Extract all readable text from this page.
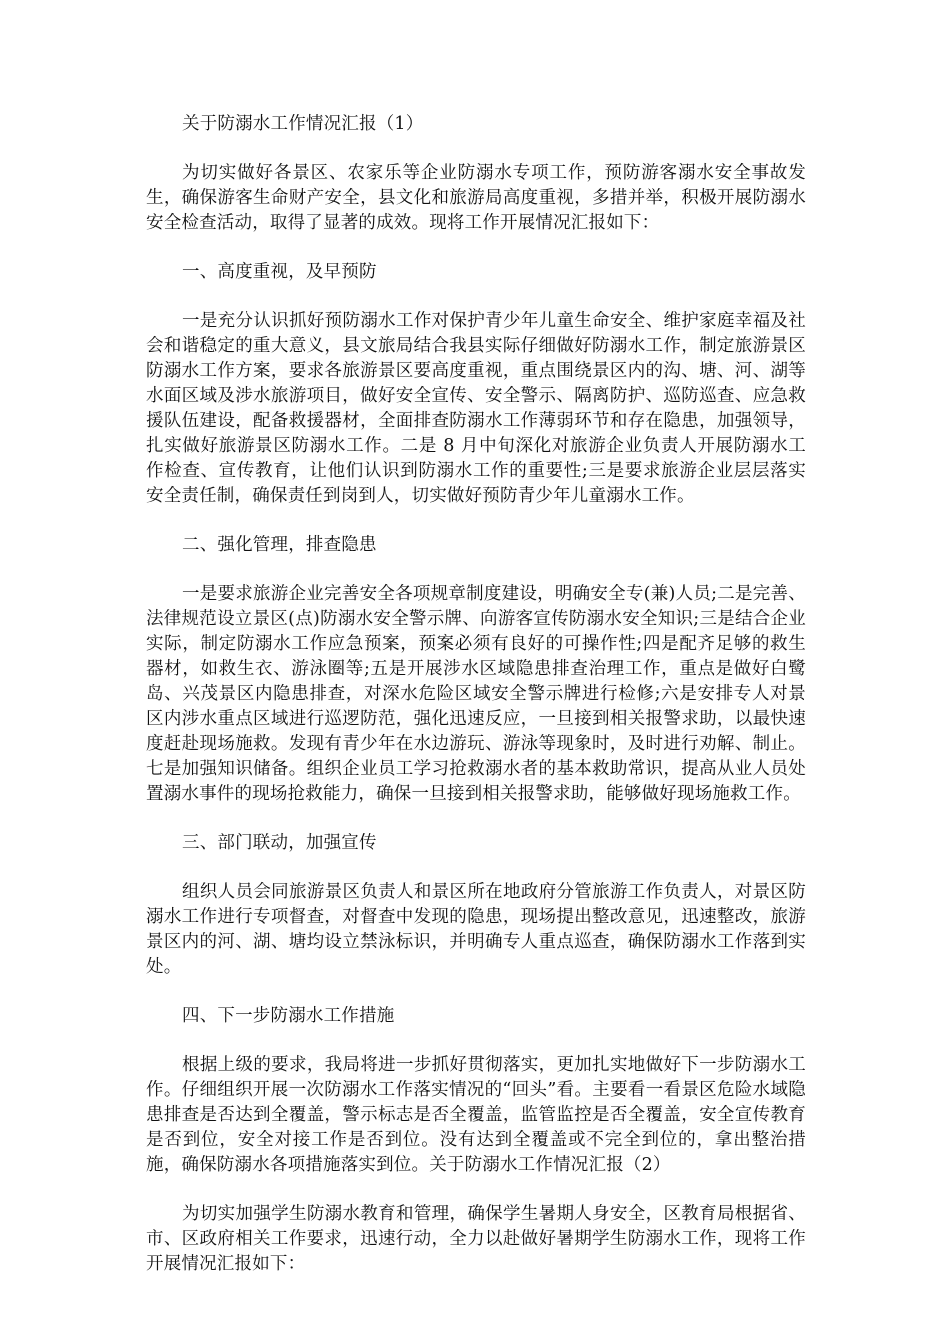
关于防溺水工作情况汇报（1）

为切实做好各景区、农家乐等企业防溺水专项工作，预防游客溺水安全事故发生，确保游客生命财产安全，县文化和旅游局高度重视，多措并举，积极开展防溺水安全检查活动，取得了显著的成效。现将工作开展情况汇报如下：

一、高度重视，及早预防

一是充分认识抓好预防溺水工作对保护青少年儿童生命安全、维护家庭幸福及社会和谐稳定的重大意义，县文旅局结合我县实际仔细做好防溺水工作，制定旅游景区防溺水工作方案，要求各旅游景区要高度重视，重点围绕景区内的沟、塘、河、湖等水面区域及涉水旅游项目，做好安全宣传、安全警示、隔离防护、巡防巡查、应急救援队伍建设，配备救援器材，全面排查防溺水工作薄弱环节和存在隐患，加强领导，扎实做好旅游景区防溺水工作。二是 8 月中旬深化对旅游企业负责人开展防溺水工作检查、宣传教育，让他们认识到防溺水工作的重要性;三是要求旅游企业层层落实安全责任制，确保责任到岗到人，切实做好预防青少年儿童溺水工作。

二、强化管理，排查隐患

一是要求旅游企业完善安全各项规章制度建设，明确安全专(兼)人员;二是完善、法律规范设立景区(点)防溺水安全警示牌、向游客宣传防溺水安全知识;三是结合企业实际，制定防溺水工作应急预案，预案必须有良好的可操作性;四是配齐足够的救生器材，如救生衣、游泳圈等;五是开展涉水区域隐患排查治理工作，重点是做好白鹭岛、兴茂景区内隐患排查，对深水危险区域安全警示牌进行检修;六是安排专人对景区内涉水重点区域进行巡逻防范，强化迅速反应，一旦接到相关报警求助，以最快速度赶赴现场施救。发现有青少年在水边游玩、游泳等现象时，及时进行劝解、制止。七是加强知识储备。组织企业员工学习抢救溺水者的基本救助常识，提高从业人员处置溺水事件的现场抢救能力，确保一旦接到相关报警求助，能够做好现场施救工作。

三、部门联动，加强宣传

组织人员会同旅游景区负责人和景区所在地政府分管旅游工作负责人，对景区防溺水工作进行专项督查，对督查中发现的隐患，现场提出整改意见，迅速整改，旅游景区内的河、湖、塘均设立禁泳标识，并明确专人重点巡查，确保防溺水工作落到实处。

四、下一步防溺水工作措施

根据上级的要求，我局将进一步抓好贯彻落实，更加扎实地做好下一步防溺水工作。仔细组织开展一次防溺水工作落实情况的“回头”看。主要看一看景区危险水域隐患排查是否达到全覆盖，警示标志是否全覆盖，监管监控是否全覆盖，安全宣传教育是否到位，安全对接工作是否到位。没有达到全覆盖或不完全到位的，拿出整治措施，确保防溺水各项措施落实到位。关于防溺水工作情况汇报（2）

为切实加强学生防溺水教育和管理，确保学生暑期人身安全，区教育局根据省、市、区政府相关工作要求，迅速行动，全力以赴做好暑期学生防溺水工作，现将工作开展情况汇报如下：
